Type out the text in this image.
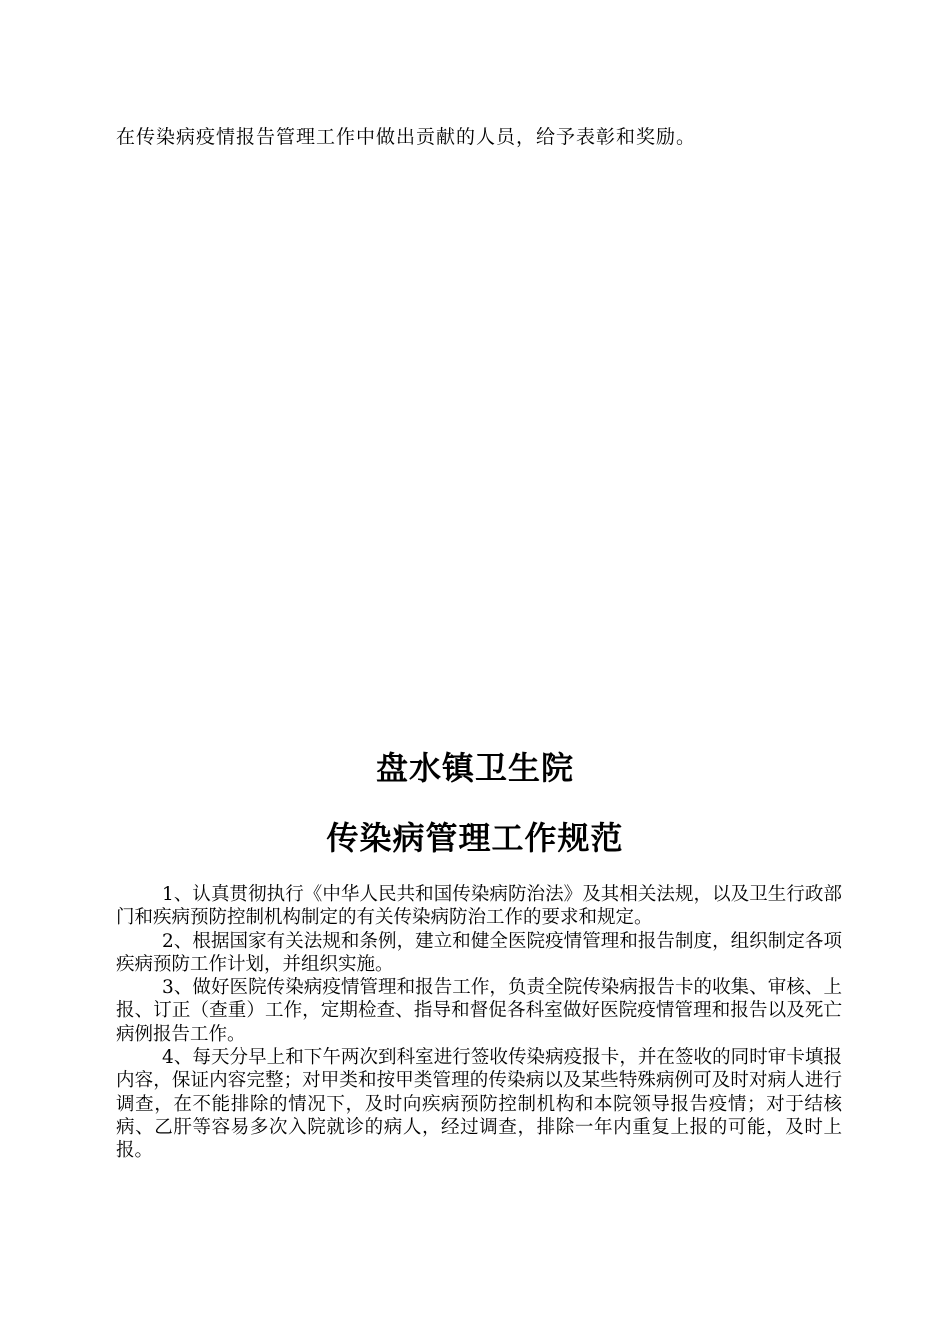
在传染病疫情报告管理工作中做出贡献的人员，给予表彰和奖励。
盘水镇卫生院
传染病管理工作规范

1、认真贯彻执行《中华人民共和国传染病防治法》及其相关法规，以及卫生行政部门和疾病预防控制机构制定的有关传染病防治工作的要求和规定。

2、根据国家有关法规和条例，建立和健全医院疫情管理和报告制度，组织制定各项疾病预防工作计划，并组织实施。

3、做好医院传染病疫情管理和报告工作，负责全院传染病报告卡的收集、审核、上报、订正（查重）工作，定期检查、指导和督促各科室做好医院疫情管理和报告以及死亡病例报告工作。

4、每天分早上和下午两次到科室进行签收传染病疫报卡，并在签收的同时审卡填报内容，保证内容完整；对甲类和按甲类管理的传染病以及某些特殊病例可及时对病人进行调查，在不能排除的情况下，及时向疾病预防控制机构和本院领导报告疫情；对于结核病、乙肝等容易多次入院就诊的病人，经过调查，排除一年内重复上报的可能，及时上报。
